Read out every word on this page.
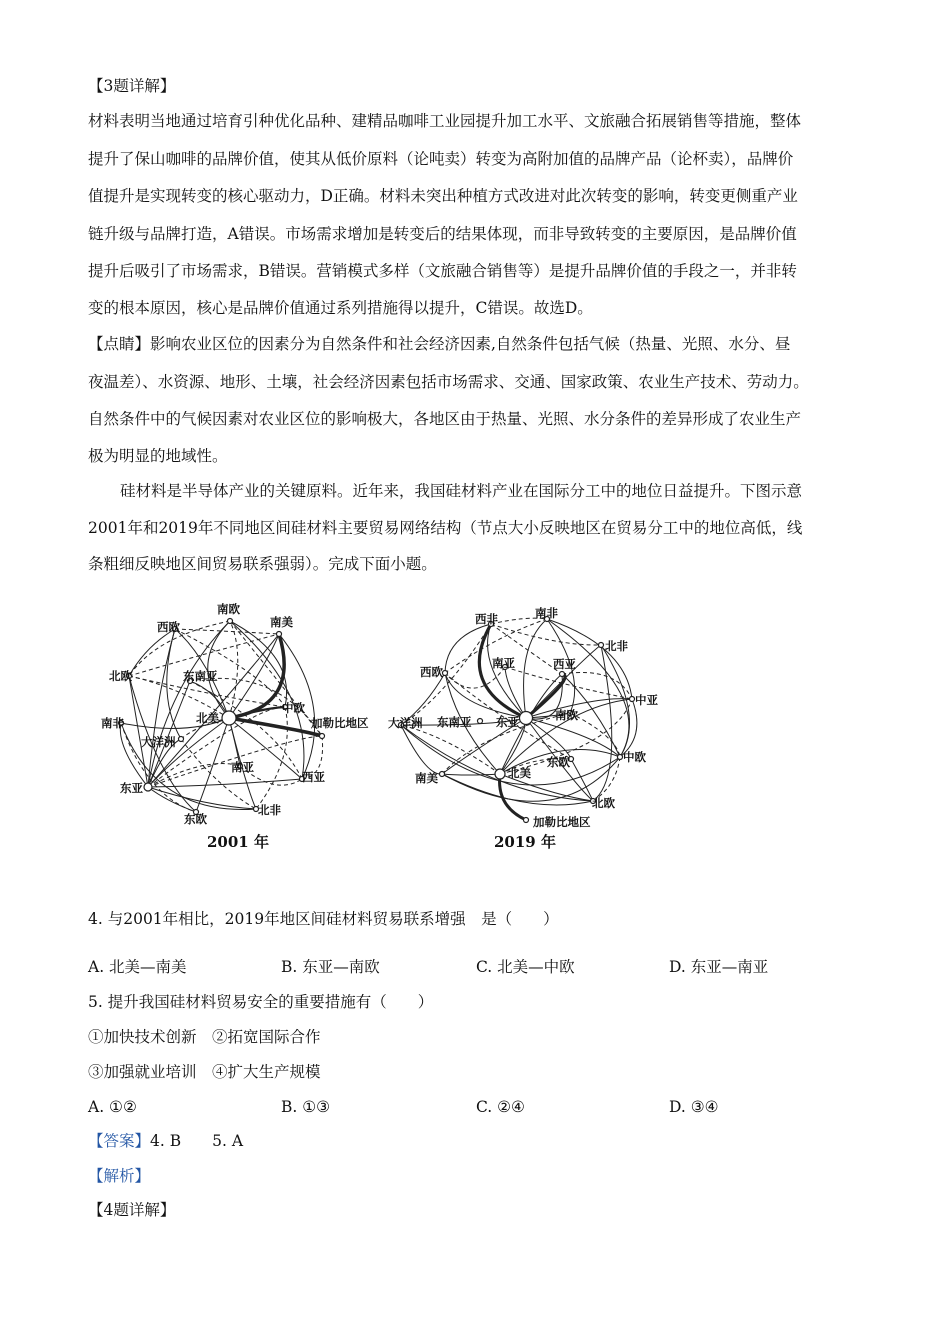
【3题详解】
材料表明当地通过培育引种优化品种、建精品咖啡工业园提升加工水平、文旅融合拓展销售等措施，整体
提升了保山咖啡的品牌价值，使其从低价原料（论吨卖）转变为高附加值的品牌产品（论杯卖），品牌价
值提升是实现转变的核心驱动力，D正确。材料未突出种植方式改进对此次转变的影响，转变更侧重产业
链升级与品牌打造，A错误。市场需求增加是转变后的结果体现，而非导致转变的主要原因，是品牌价值
提升后吸引了市场需求，B错误。营销模式多样（文旅融合销售等）是提升品牌价值的手段之一，并非转
变的根本原因，核心是品牌价值通过系列措施得以提升，C错误。故选D。
【点睛】影响农业区位的因素分为自然条件和社会经济因素,自然条件包括气候（热量、光照、水分、昼
夜温差）、水资源、地形、土壤，社会经济因素包括市场需求、交通、国家政策、农业生产技术、劳动力。
自然条件中的气候因素对农业区位的影响极大，各地区由于热量、光照、水分条件的差异形成了农业生产
极为明显的地域性。
硅材料是半导体产业的关键原料。近年来，我国硅材料产业在国际分工中的地位日益提升。下图示意
2001年和2019年不同地区间硅材料主要贸易网络结构（节点大小反映地区在贸易分工中的地位高低，线
条粗细反映地区间贸易联系强弱）。完成下面小题。
南欧
南美
西欧
北欧	东南亚
北美
中欧
加勒比地区
南非
大洋洲
东亚
南亚
西亚
东欧
北非
2001 年
西非	南非
北非
西欧
南亚	西亚
中亚
大洋洲 东南亚 东亚	南欧
东欧	中欧
南美	北美
北欧
加勒比地区
2019 年
4. 与2001年相比，2019年地区间硅材料贸易联系增强　是（　　）
A. 北美—南美	B. 东亚—南欧	C. 北美—中欧	D. 东亚—南亚
5. 提升我国硅材料贸易安全的重要措施有（　　）
①加快技术创新　②拓宽国际合作
③加强就业培训　④扩大生产规模
A. ①②	B. ①③	C. ②④	D. ③④
【答案】4. B　　5. A
【解析】
【4题详解】
